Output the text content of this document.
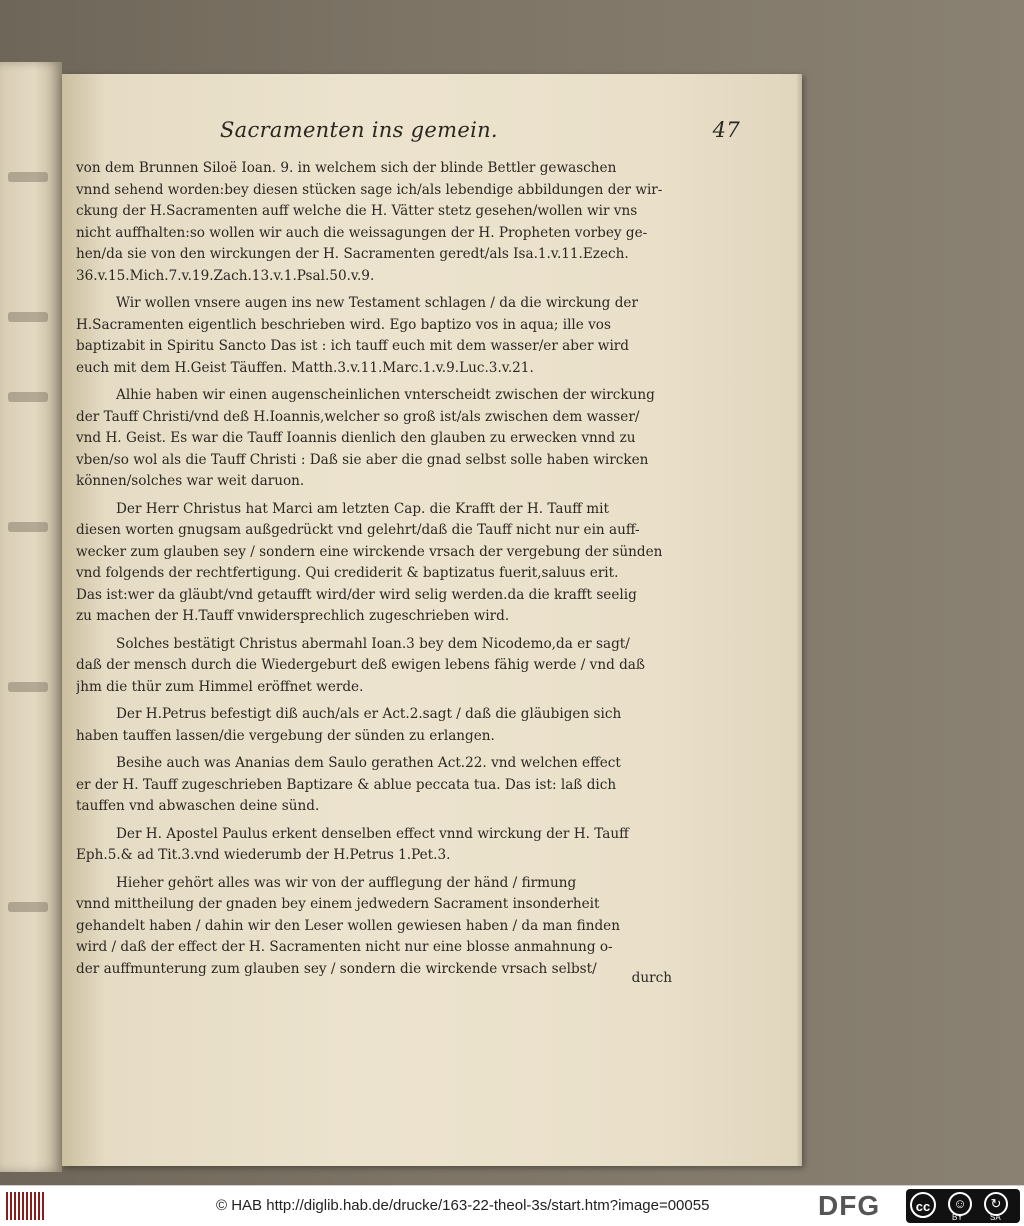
Sacramenten ins gemein.	47
von dem Brunnen Siloë Ioan. 9. in welchem sich der blinde Bettler gewaschen
vnnd sehend worden:bey diesen stücken sage ich/als lebendige abbildungen der wir-
ckung der H.Sacramenten auff welche die H. Vätter stetz gesehen/wollen wir vns
nicht auffhalten:so wollen wir auch die weissagungen der H. Propheten vorbey ge-
hen/da sie von den wirckungen der H. Sacramenten geredt/als Isa.1.v.11.Ezech.
36.v.15.Mich.7.v.19.Zach.13.v.1.Psal.50.v.9.
Wir wollen vnsere augen ins new Testament schlagen / da die wirckung der
H.Sacramenten eigentlich beschrieben wird. Ego baptizo vos in aqua; ille vos
baptizabit in Spiritu Sancto Das ist : ich tauff euch mit dem wasser/er aber wird
euch mit dem H.Geist Täuffen. Matth.3.v.11.Marc.1.v.9.Luc.3.v.21.
Alhie haben wir einen augenscheinlichen vnterscheidt zwischen der wirckung
der Tauff Christi/vnd deß H.Ioannis,welcher so groß ist/als zwischen dem wasser/
vnd H. Geist. Es war die Tauff Ioannis dienlich den glauben zu erwecken vnnd zu
vben/so wol als die Tauff Christi : Daß sie aber die gnad selbst solle haben wircken
können/solches war weit daruon.
Der Herr Christus hat Marci am letzten Cap. die Krafft der H. Tauff mit
diesen worten gnugsam außgedrückt vnd gelehrt/daß die Tauff nicht nur ein auff-
wecker zum glauben sey / sondern eine wirckende vrsach der vergebung der sünden
vnd folgends der rechtfertigung. Qui crediderit & baptizatus fuerit,saluus erit.
Das ist:wer da gläubt/vnd getaufft wird/der wird selig werden.da die krafft seelig
zu machen der H.Tauff vnwidersprechlich zugeschrieben wird.
Solches bestätigt Christus abermahl Ioan.3 bey dem Nicodemo,da er sagt/
daß der mensch durch die Wiedergeburt deß ewigen lebens fähig werde / vnd daß
jhm die thür zum Himmel eröffnet werde.
Der H.Petrus befestigt diß auch/als er Act.2.sagt / daß die gläubigen sich
haben tauffen lassen/die vergebung der sünden zu erlangen.
Besihe auch was Ananias dem Saulo gerathen Act.22. vnd welchen effect
er der H. Tauff zugeschrieben Baptizare & ablue peccata tua. Das ist: laß dich
tauffen vnd abwaschen deine sünd.
Der H. Apostel Paulus erkent denselben effect vnnd wirckung der H. Tauff
Eph.5.& ad Tit.3.vnd wiederumb der H.Petrus 1.Pet.3.
Hieher gehört alles was wir von der aufflegung der händ / firmung
vnnd mittheilung der gnaden bey einem jedwedern Sacrament insonderheit
gehandelt haben / dahin wir den Leser wollen gewiesen haben / da man finden
wird / daß der effect der H. Sacramenten nicht nur eine blosse anmahnung o-
der auffmunterung zum glauben sey / sondern die wirckende vrsach selbst/
durch
© HAB http://diglib.hab.de/drucke/163-22-theol-3s/start.htm?image=00055	DFG	cc	☺	↻
BY	SA
